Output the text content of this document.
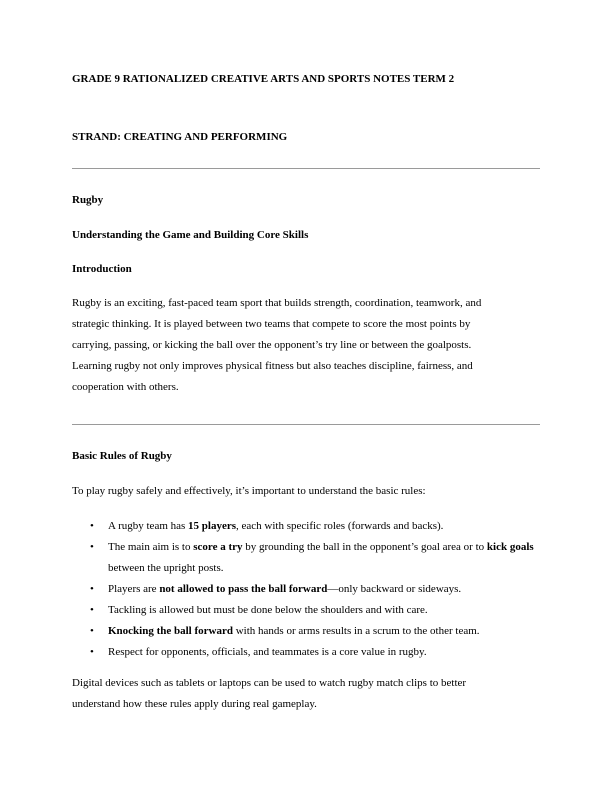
GRADE 9 RATIONALIZED CREATIVE ARTS AND SPORTS NOTES TERM 2

STRAND: CREATING AND PERFORMING

Rugby

Understanding the Game and Building Core Skills

Introduction

Rugby is an exciting, fast-paced team sport that builds strength, coordination, teamwork, and
strategic thinking. It is played between two teams that compete to score the most points by
carrying, passing, or kicking the ball over the opponent’s try line or between the goalposts.
Learning rugby not only improves physical fitness but also teaches discipline, fairness, and
cooperation with others.

Basic Rules of Rugby

To play rugby safely and effectively, it’s important to understand the basic rules:

• A rugby team has 15 players, each with specific roles (forwards and backs).
• The main aim is to score a try by grounding the ball in the opponent’s goal area or to kick goals between the upright posts.
• Players are not allowed to pass the ball forward—only backward or sideways.
• Tackling is allowed but must be done below the shoulders and with care.
• Knocking the ball forward with hands or arms results in a scrum to the other team.
• Respect for opponents, officials, and teammates is a core value in rugby.
Digital devices such as tablets or laptops can be used to watch rugby match clips to better
understand how these rules apply during real gameplay.
